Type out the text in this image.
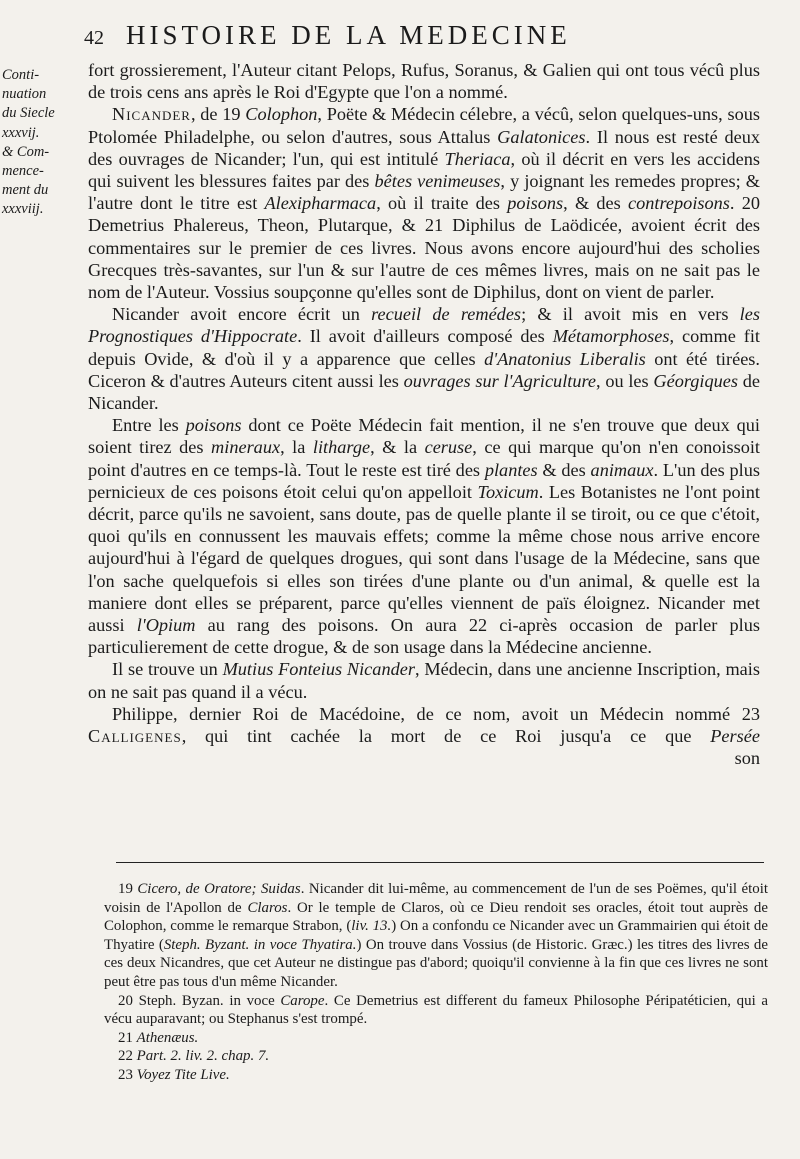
42 HISTOIRE DE LA MEDECINE
Conti-
nuation
du Siecle
xxxvij.
& Com-
mence-
ment du
xxxviij.

fort grossierement, l'Auteur citant Pelops, Rufus, Soranus, & Galien qui ont tous vécû plus de trois cens ans après le Roi d'Egypte que l'on a nommé.

Nicander, de 19 Colophon, Poëte & Médecin célebre, a vécû, selon quelques-uns, sous Ptolomée Philadelphe, ou selon d'autres, sous Attalus Galatonices. Il nous est resté deux des ouvrages de Nicander; l'un, qui est intitulé Theriaca, où il décrit en vers les accidens qui suivent les blessures faites par des bêtes venimeuses, y joignant les remedes propres; & l'autre dont le titre est Alexipharmaca, où il traite des poisons, & des contrepoisons. 20 Demetrius Phalereus, Theon, Plutarque, & 21 Diphilus de Laödicée, avoient écrit des commentaires sur le premier de ces livres. Nous avons encore aujourd'hui des scholies Grecques très-savantes, sur l'un & sur l'autre de ces mêmes livres, mais on ne sait pas le nom de l'Auteur. Vossius soupçonne qu'elles sont de Diphilus, dont on vient de parler.

Nicander avoit encore écrit un recueil de remédes; & il avoit mis en vers les Prognostiques d'Hippocrate. Il avoit d'ailleurs composé des Métamorphoses, comme fit depuis Ovide, & d'où il y a apparence que celles d'Anatonius Liberalis ont été tirées. Ciceron & d'autres Auteurs citent aussi les ouvrages sur l'Agriculture, ou les Géorgiques de Nicander.

Entre les poisons dont ce Poëte Médecin fait mention, il ne s'en trouve que deux qui soient tirez des mineraux, la litharge, & la ceruse, ce qui marque qu'on n'en conoissoit point d'autres en ce temps-là. Tout le reste est tiré des plantes & des animaux. L'un des plus pernicieux de ces poisons étoit celui qu'on appelloit Toxicum. Les Botanistes ne l'ont point décrit, parce qu'ils ne savoient, sans doute, pas de quelle plante il se tiroit, ou ce que c'étoit, quoi qu'ils en connussent les mauvais effets; comme la même chose nous arrive encore aujourd'hui à l'égard de quelques drogues, qui sont dans l'usage de la Médecine, sans que l'on sache quelquefois si elles son tirées d'une plante ou d'un animal, & quelle est la maniere dont elles se préparent, parce qu'elles viennent de païs éloignez. Nicander met aussi l'Opium au rang des poisons. On aura 22 ci-après occasion de parler plus particulierement de cette drogue, & de son usage dans la Médecine ancienne.

Il se trouve un Mutius Fonteius Nicander, Médecin, dans une ancienne Inscription, mais on ne sait pas quand il a vécu.

Philippe, dernier Roi de Macédoine, de ce nom, avoit un Médecin nommé 23 Calligenes, qui tint cachée la mort de ce Roi jusqu'a ce que Persée

son

19 Cicero, de Oratore; Suidas. Nicander dit lui-même, au commencement de l'un de ses Poëmes, qu'il étoit voisin de l'Apollon de Claros. Or le temple de Claros, où ce Dieu rendoit ses oracles, étoit tout auprès de Colophon, comme le remarque Strabon, (liv. 13.) On a confondu ce Nicander avec un Grammairien qui étoit de Thyatire (Steph. Byzant. in voce Thyatira.) On trouve dans Vossius (de Historic. Græc.) les titres des livres de ces deux Nicandres, que cet Auteur ne distingue pas d'abord; quoiqu'il convienne à la fin que ces livres ne sont peut être pas tous d'un même Nicander.

20 Steph. Byzan. in voce Carope. Ce Demetrius est different du fameux Philosophe Péripatéticien, qui a vécu auparavant; ou Stephanus s'est trompé.

21 Athenæus.

22 Part. 2. liv. 2. chap. 7.

23 Voyez Tite Live.
